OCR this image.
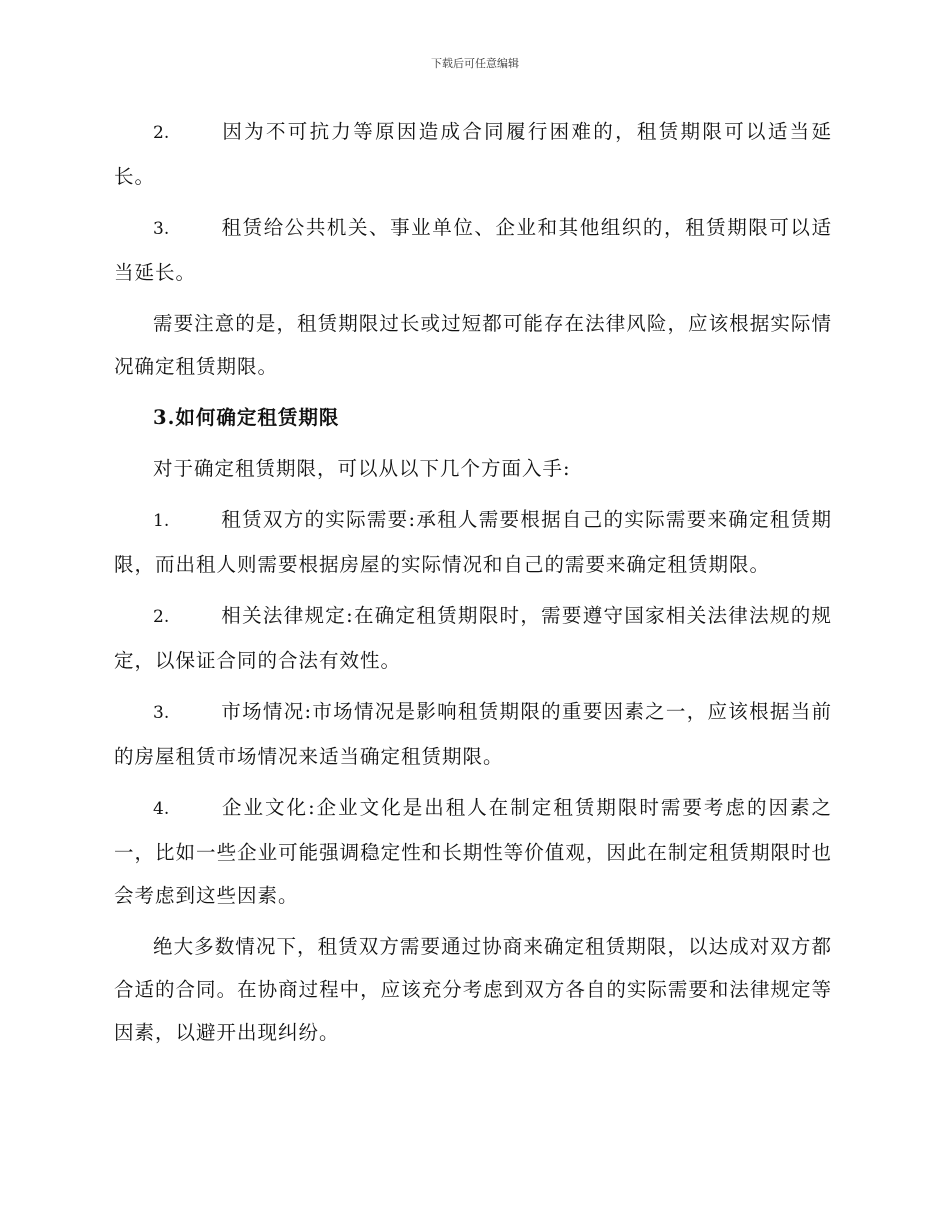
下载后可任意编辑

2.	因为不可抗力等原因造成合同履行困难的，租赁期限可以适当延长。

3.	租赁给公共机关、事业单位、企业和其他组织的，租赁期限可以适当延长。

需要注意的是，租赁期限过长或过短都可能存在法律风险，应该根据实际情况确定租赁期限。

3.如何确定租赁期限

对于确定租赁期限，可以从以下几个方面入手:

1.	租赁双方的实际需要:承租人需要根据自己的实际需要来确定租赁期限，而出租人则需要根据房屋的实际情况和自己的需要来确定租赁期限。

2.	相关法律规定:在确定租赁期限时，需要遵守国家相关法律法规的规定，以保证合同的合法有效性。

3.	市场情况:市场情况是影响租赁期限的重要因素之一，应该根据当前的房屋租赁市场情况来适当确定租赁期限。

4.	企业文化:企业文化是出租人在制定租赁期限时需要考虑的因素之一，比如一些企业可能强调稳定性和长期性等价值观，因此在制定租赁期限时也会考虑到这些因素。

绝大多数情况下，租赁双方需要通过协商来确定租赁期限，以达成对双方都合适的合同。在协商过程中，应该充分考虑到双方各自的实际需要和法律规定等因素，以避开出现纠纷。
